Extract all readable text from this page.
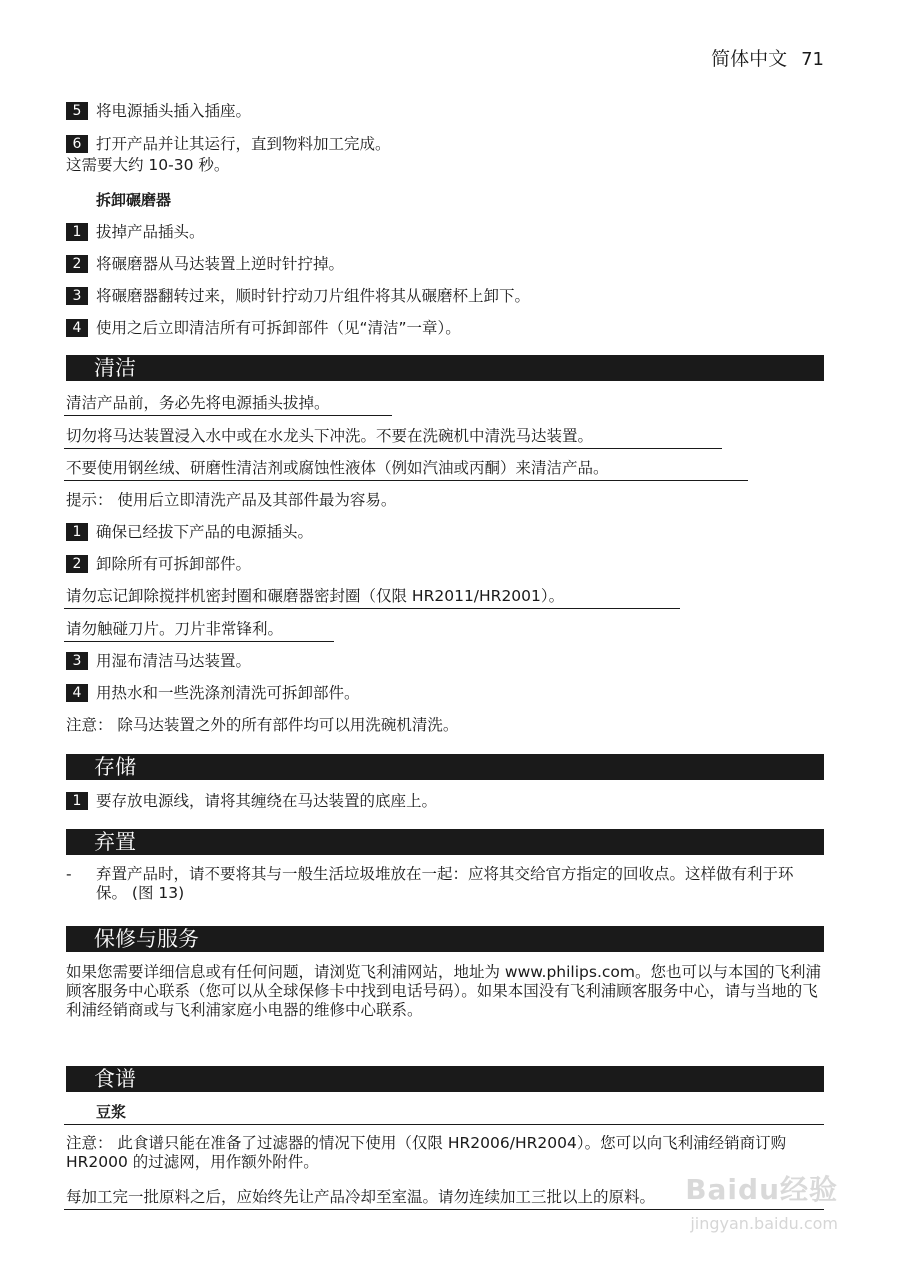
简体中文 71
5 将电源插头插入插座。
6 打开产品并让其运行，直到物料加工完成。
这需要大约 10-30 秒。
拆卸碾磨器
1 拔掉产品插头。
2 将碾磨器从马达装置上逆时针拧掉。
3 将碾磨器翻转过来，顺时针拧动刀片组件将其从碾磨杯上卸下。
4 使用之后立即清洁所有可拆卸部件（见“清洁”一章）。
清洁
清洁产品前，务必先将电源插头拔掉。
切勿将马达装置浸入水中或在水龙头下冲洗。不要在洗碗机中清洗马达装置。
不要使用钢丝绒、研磨性清洁剂或腐蚀性液体（例如汽油或丙酮）来清洁产品。
提示： 使用后立即清洗产品及其部件最为容易。
1 确保已经拔下产品的电源插头。
2 卸除所有可拆卸部件。
请勿忘记卸除搅拌机密封圈和碾磨器密封圈（仅限 HR2011/HR2001）。
请勿触碰刀片。刀片非常锋利。
3 用湿布清洁马达装置。
4 用热水和一些洗涤剂清洗可拆卸部件。
注意： 除马达装置之外的所有部件均可以用洗碗机清洗。
存储
1 要存放电源线，请将其缠绕在马达装置的底座上。
弃置
- 弃置产品时，请不要将其与一般生活垃圾堆放在一起：应将其交给官方指定的回收点。这样做有利于环保。 (图 13)
保修与服务
如果您需要详细信息或有任何问题，请浏览飞利浦网站，地址为 www.philips.com。您也可以与本国的飞利浦顾客服务中心联系（您可以从全球保修卡中找到电话号码）。如果本国没有飞利浦顾客服务中心，请与当地的飞利浦经销商或与飞利浦家庭小电器的维修中心联系。
食谱
豆浆
注意： 此食谱只能在准备了过滤器的情况下使用（仅限 HR2006/HR2004）。您可以向飞利浦经销商订购 HR2000 的过滤网，用作额外附件。
每加工完一批原料之后，应始终先让产品冷却至室温。请勿连续加工三批以上的原料。 Baidu经验
jingyan.baidu.com
